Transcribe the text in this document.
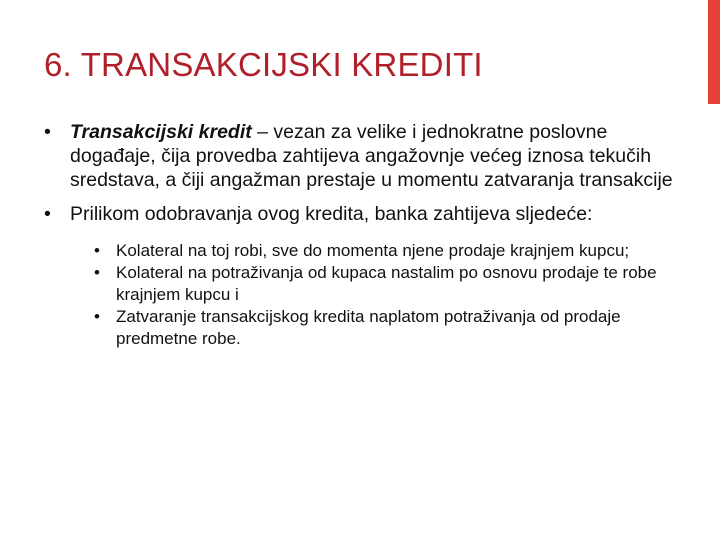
6. TRANSAKCIJSKI KREDITI
• Transakcijski kredit – vezan za velike i jednokratne poslovne događaje, čija provedba zahtijeva angažovnje većeg iznosa tekučih sredstava, a čiji angažman prestaje u momentu zatvaranja transakcije
• Prilikom odobravanja ovog kredita, banka zahtijeva sljedeće:
• Kolateral na toj robi, sve do momenta njene prodaje krajnjem kupcu;
• Kolateral na potraživanja od kupaca nastalim po osnovu prodaje te robe krajnjem kupcu i
• Zatvaranje transakcijskog kredita naplatom potraživanja od prodaje predmetne robe.
